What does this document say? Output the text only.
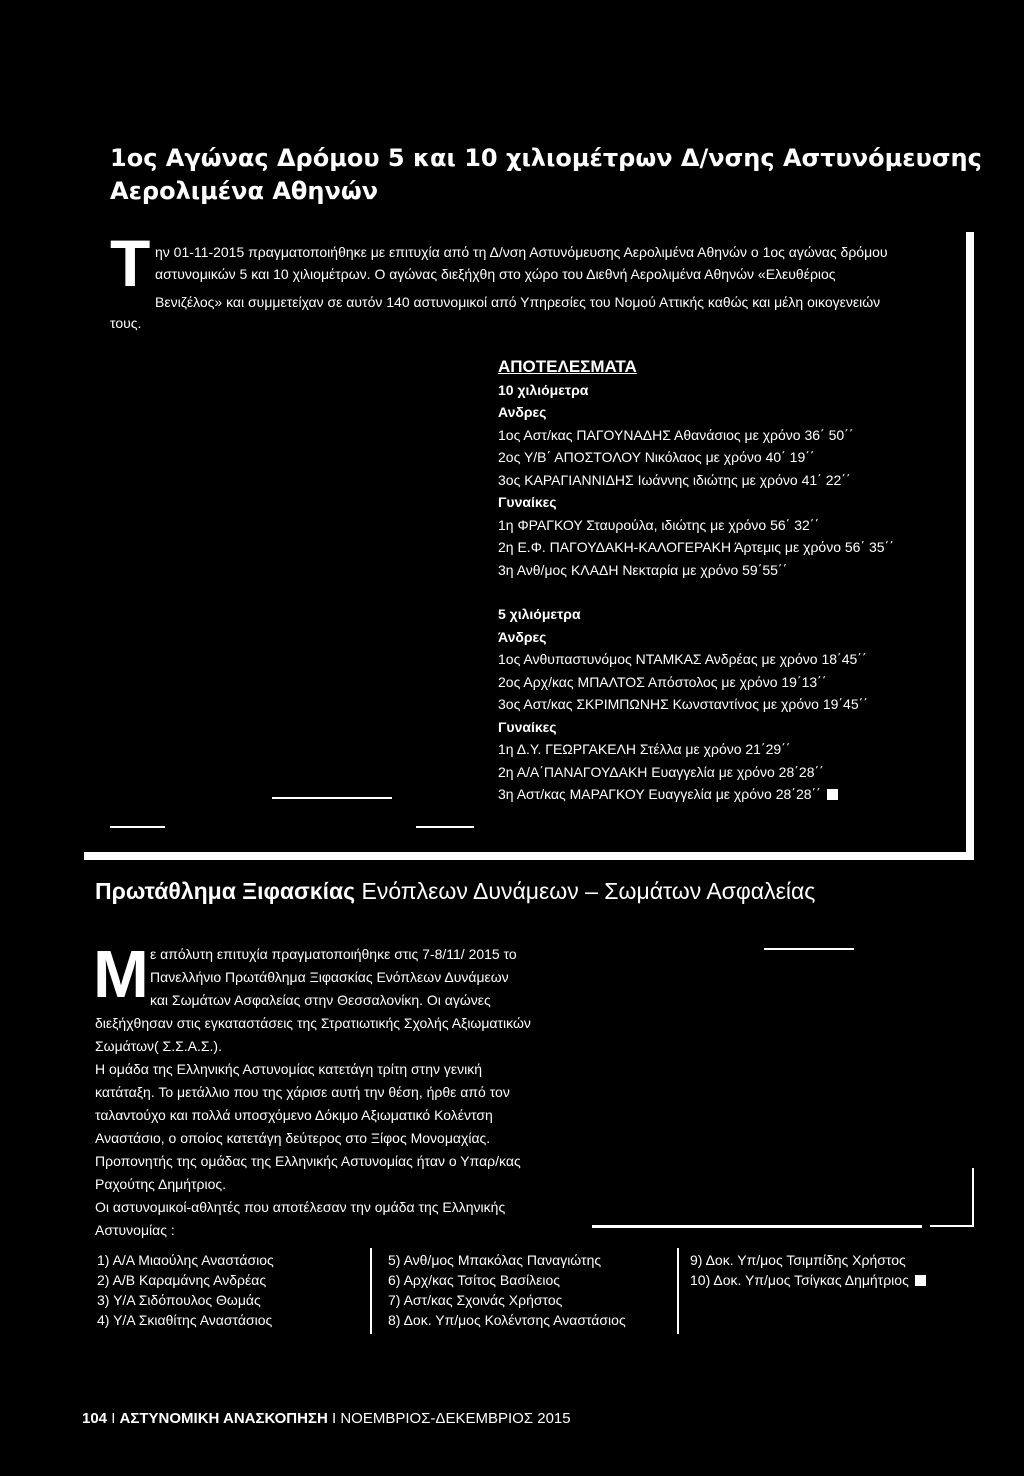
1ος Αγώνας Δρόμου 5 και 10 χιλιομέτρων Δ/νσης Αστυνόμευσης
Αερολιμένα Αθηνών
Τ ην 01-11-2015 πραγματοποιήθηκε με επιτυχία από τη Δ/νση Αστυνόμευσης Αερολιμένα Αθηνών ο 1ος αγώνας δρόμου
αστυνομικών 5 και 10 χιλιομέτρων. Ο αγώνας διεξήχθη στο χώρο του Διεθνή Αερολιμένα Αθηνών «Ελευθέριος
Βενιζέλος» και συμμετείχαν σε αυτόν 140 αστυνομικοί από Υπηρεσίες του Νομού Αττικής καθώς και μέλη οικογενειών
τους.
ΑΠΟΤΕΛΕΣΜΑΤΑ
10 χιλιόμετρα
Ανδρες
1ος Αστ/κας ΠΑΓΟΥΝΑΔΗΣ Αθανάσιος με χρόνο 36΄ 50΄΄
2ος Υ/Β΄ ΑΠΟΣΤΟΛΟΥ Νικόλαος με χρόνο 40΄ 19΄΄
3ος ΚΑΡΑΓΙΑΝΝΙΔΗΣ Ιωάννης ιδιώτης με χρόνο 41΄ 22΄΄
Γυναίκες
1η ΦΡΑΓΚΟΥ Σταυρούλα, ιδιώτης με χρόνο 56΄ 32΄΄
2η Ε.Φ. ΠΑΓΟΥΔΑΚΗ-ΚΑΛΟΓΕΡΑΚΗ Άρτεμις με χρόνο 56΄ 35΄΄
3η Ανθ/μος ΚΛΑΔΗ Νεκταρία με χρόνο 59΄55΄΄
5 χιλιόμετρα
Άνδρες
1ος Ανθυπαστυνόμος ΝΤΑΜΚΑΣ Ανδρέας με χρόνο 18΄45΄΄
2ος Αρχ/κας ΜΠΑΛΤΟΣ Απόστολος με χρόνο 19΄13΄΄
3ος Αστ/κας ΣΚΡΙΜΠΩΝΗΣ Κωνσταντίνος με χρόνο 19΄45΄΄
Γυναίκες
1η Δ.Υ. ΓΕΩΡΓΑΚΕΛΗ Στέλλα με χρόνο 21΄29΄΄
2η Α/Α΄ΠΑΝΑΓΟΥΔΑΚΗ Ευαγγελία με χρόνο 28΄28΄΄
3η Αστ/κας ΜΑΡΑΓΚΟΥ Ευαγγελία με χρόνο 28΄28΄΄
Πρωτάθλημα Ξιφασκίας Ενόπλεων Δυνάμεων – Σωμάτων Ασφαλείας
Μ ε απόλυτη επιτυχία πραγματοποιήθηκε στις 7-8/11/ 2015 το
Πανελλήνιο Πρωτάθλημα Ξιφασκίας Ενόπλεων Δυνάμεων
και Σωμάτων Ασφαλείας στην Θεσσαλονίκη. Οι αγώνες
διεξήχθησαν στις εγκαταστάσεις της Στρατιωτικής Σχολής Αξιωματικών
Σωμάτων( Σ.Σ.Α.Σ.).
Η ομάδα της Ελληνικής Αστυνομίας κατετάγη τρίτη στην γενική
κατάταξη. Το μετάλλιο που της χάρισε αυτή την θέση, ήρθε από τον
ταλαντούχο και πολλά υποσχόμενο Δόκιμο Αξιωματικό Κολέντση
Αναστάσιο, ο οποίος κατετάγη δεύτερος στο Ξίφος Μονομαχίας.
Προπονητής της ομάδας της Ελληνικής Αστυνομίας ήταν ο Υπαρ/κας
Ραχούτης Δημήτριος.
Οι αστυνομικοί-αθλητές που αποτέλεσαν την ομάδα της Ελληνικής
Αστυνομίας :
1) Α/Α Μιαούλης Αναστάσιος
2) Α/Β Καραμάνης Ανδρέας
3) Υ/Α Σιδόπουλος Θωμάς
4) Υ/Α Σκιαθίτης Αναστάσιος
5) Ανθ/μος Μπακόλας Παναγιώτης
6) Αρχ/κας Τσίτος Βασίλειος
7) Αστ/κας Σχοινάς Χρήστος
8) Δοκ. Υπ/μος Κολέντσης Αναστάσιος
9) Δοκ. Υπ/μος Τσιμπίδης Χρήστος
10) Δοκ. Υπ/μος Τσίγκας Δημήτριος
104 I ΑΣΤΥΝΟΜΙΚΗ ΑΝΑΣΚΟΠΗΣΗ I ΝΟΕΜΒΡΙΟΣ-ΔΕΚΕΜΒΡΙΟΣ 2015
